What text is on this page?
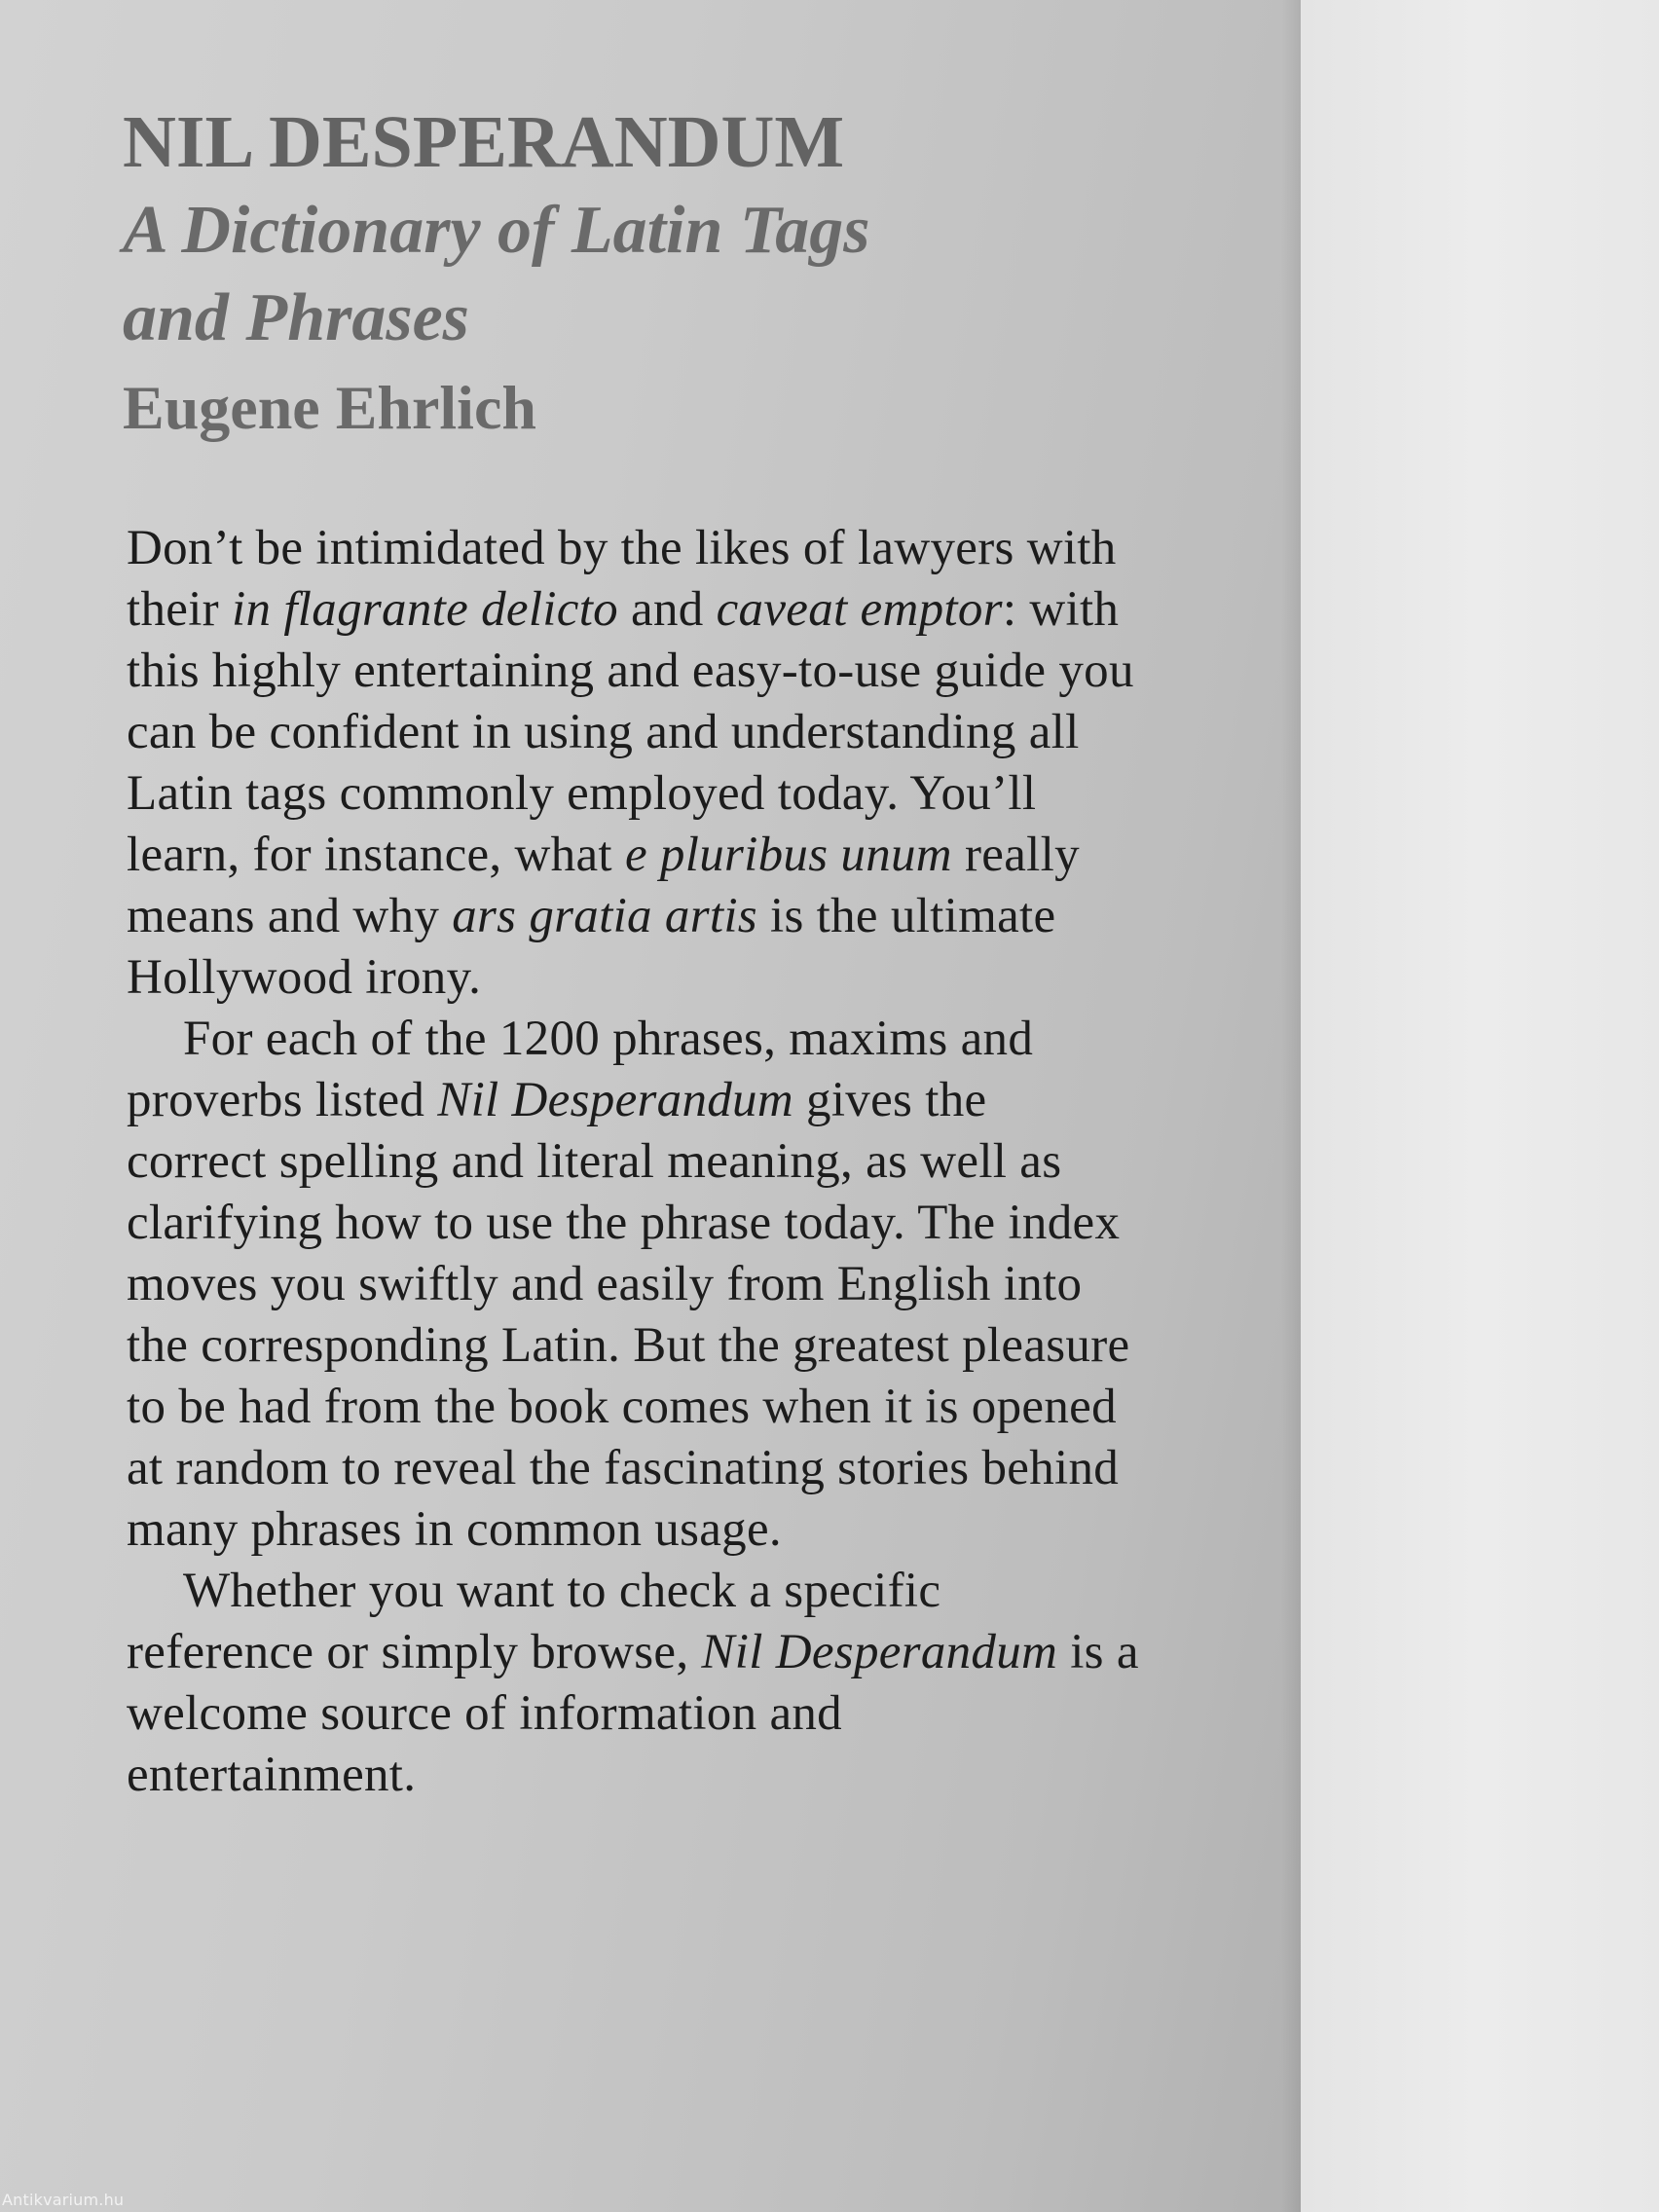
NIL DESPERANDUM
A Dictionary of Latin Tags
and Phrases
Eugene Ehrlich

Don’t be intimidated by the likes of lawyers with their in flagrante delicto and caveat emptor: with this highly entertaining and easy-to-use guide you can be confident in using and understanding all Latin tags commonly employed today. You’ll learn, for instance, what e pluribus unum really means and why ars gratia artis is the ultimate Hollywood irony.

For each of the 1200 phrases, maxims and proverbs listed Nil Desperandum gives the correct spelling and literal meaning, as well as clarifying how to use the phrase today. The index moves you swiftly and easily from English into the corresponding Latin. But the greatest pleasure to be had from the book comes when it is opened at random to reveal the fascinating stories behind many phrases in common usage.

Whether you want to check a specific reference or simply browse, Nil Desperandum is a welcome source of information and entertainment.

Antikvarium.hu
